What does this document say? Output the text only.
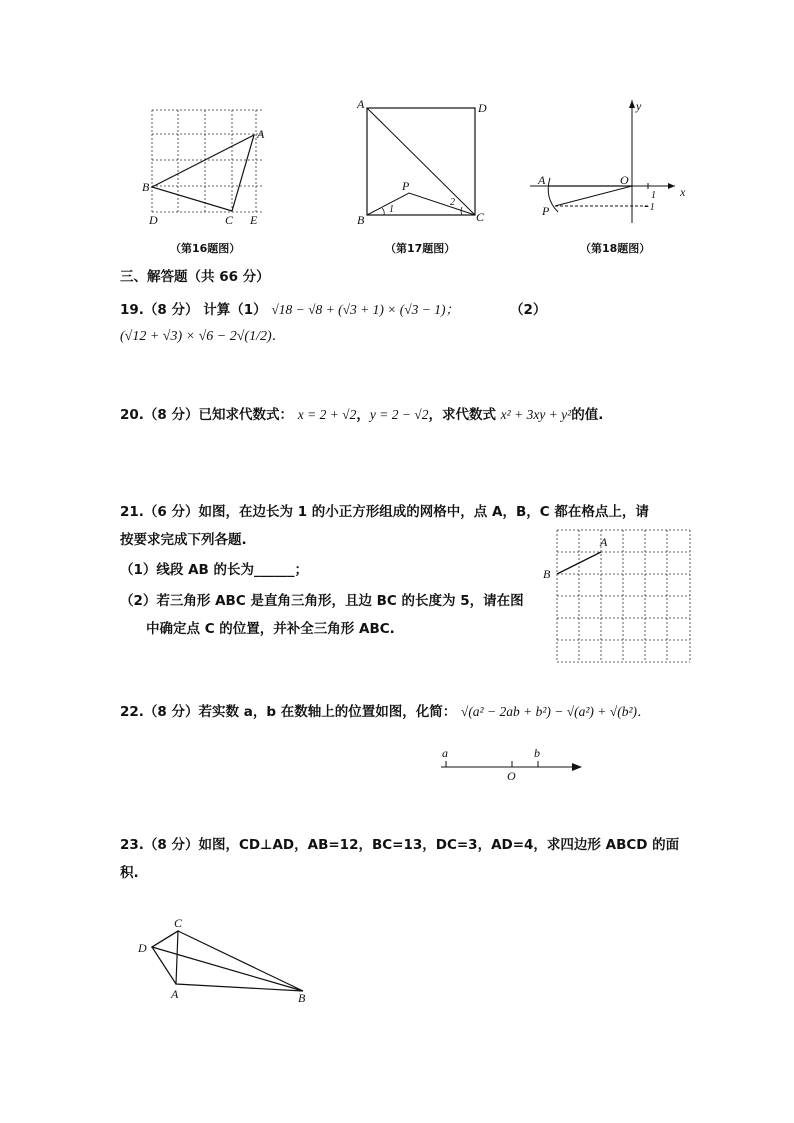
A
B
C
D	E
（第16题图）
A	D
B	C
P
1
2
（第17题图）
A
P
O
x
y
1
−1
（第18题图）
三、解答题（共 66 分）
19.（8 分） 计算（1） √18 − √8 + (√3 + 1) × (√3 − 1)；	（2）
(√12 + √3) × √6 − 2√(1/2)．
20.（8 分）已知求代数式： x = 2 + √2，y = 2 − √2，求代数式 x² + 3xy + y²的值.
21.（6 分）如图，在边长为 1 的小正方形组成的网格中，点 A，B，C 都在格点上，请
按要求完成下列各题.
（1）线段 AB 的长为______；
（2）若三角形 ABC 是直角三角形，且边 BC 的长度为 5，请在图
中确定点 C 的位置，并补全三角形 ABC.
A
B
22.（8 分）若实数 a，b 在数轴上的位置如图，化简： √(a² − 2ab + b²) − √(a²) + √(b²)．
a	b
O
23.（8 分）如图，CD⊥AD，AB=12，BC=13，DC=3，AD=4，求四边形 ABCD 的面
积.
C
D
A	B
